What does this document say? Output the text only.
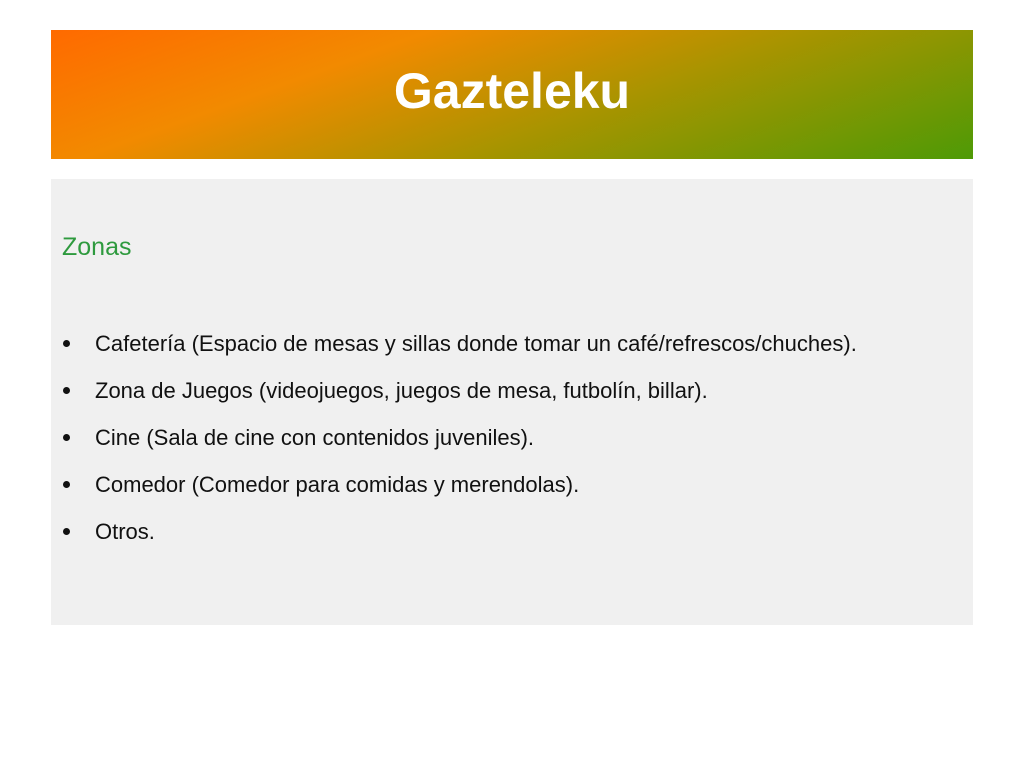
Gazteleku
Zonas
Cafetería (Espacio de mesas y sillas donde tomar un café/refrescos/chuches).
Zona de Juegos (videojuegos, juegos de mesa, futbolín, billar).
Cine (Sala de cine con contenidos juveniles).
Comedor (Comedor para comidas y merendolas).
Otros.
